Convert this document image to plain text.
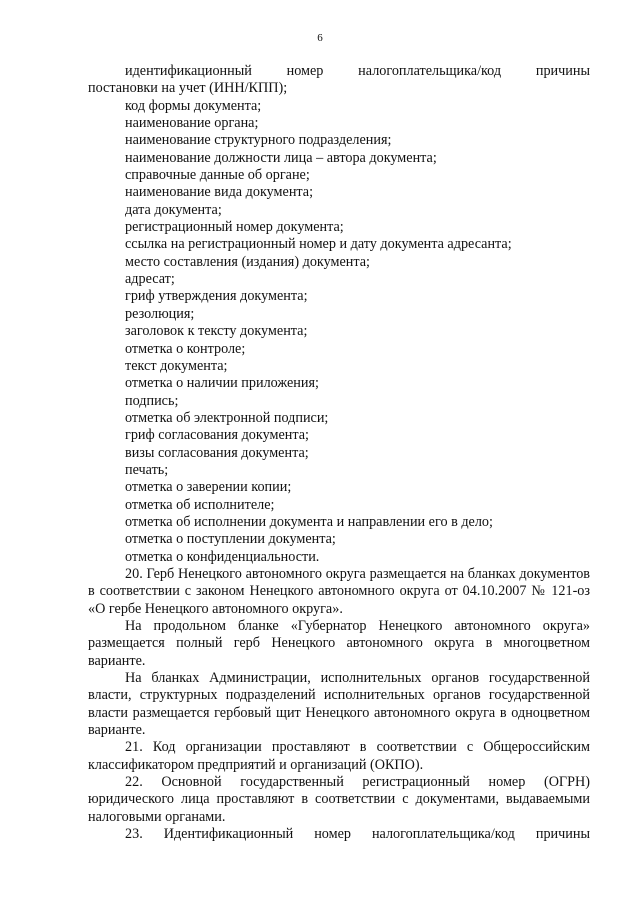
6

идентификационный номер налогоплательщика/код причины

постановки на учет (ИНН/КПП);

код формы документа;

наименование органа;

наименование структурного подразделения;

наименование должности лица – автора документа;

справочные данные об органе;

наименование вида документа;

дата документа;

регистрационный номер документа;

ссылка на регистрационный номер и дату документа адресанта;

место составления (издания) документа;

адресат;

гриф утверждения документа;

резолюция;

заголовок к тексту документа;

отметка о контроле;

текст документа;

отметка о наличии приложения;

подпись;

отметка об электронной подписи;

гриф согласования документа;

визы согласования документа;

печать;

отметка о заверении копии;

отметка об исполнителе;

отметка об исполнении документа и направлении его в дело;

отметка о поступлении документа;

отметка о конфиденциальности.

20. Герб Ненецкого автономного округа размещается на бланках документов в соответствии с законом Ненецкого автономного округа от 04.10.2007 № 121-оз «О гербе Ненецкого автономного округа».

На продольном бланке «Губернатор Ненецкого автономного округа» размещается полный герб Ненецкого автономного округа в многоцветном варианте.

На бланках Администрации, исполнительных органов государственной власти, структурных подразделений исполнительных органов государственной власти размещается гербовый щит Ненецкого автономного округа в одноцветном варианте.

21. Код организации проставляют в соответствии с Общероссийским классификатором предприятий и организаций (ОКПО).

22. Основной государственный регистрационный номер (ОГРН) юридического лица проставляют в соответствии с документами, выдаваемыми налоговыми органами.

23. Идентификационный номер налогоплательщика/код причины
